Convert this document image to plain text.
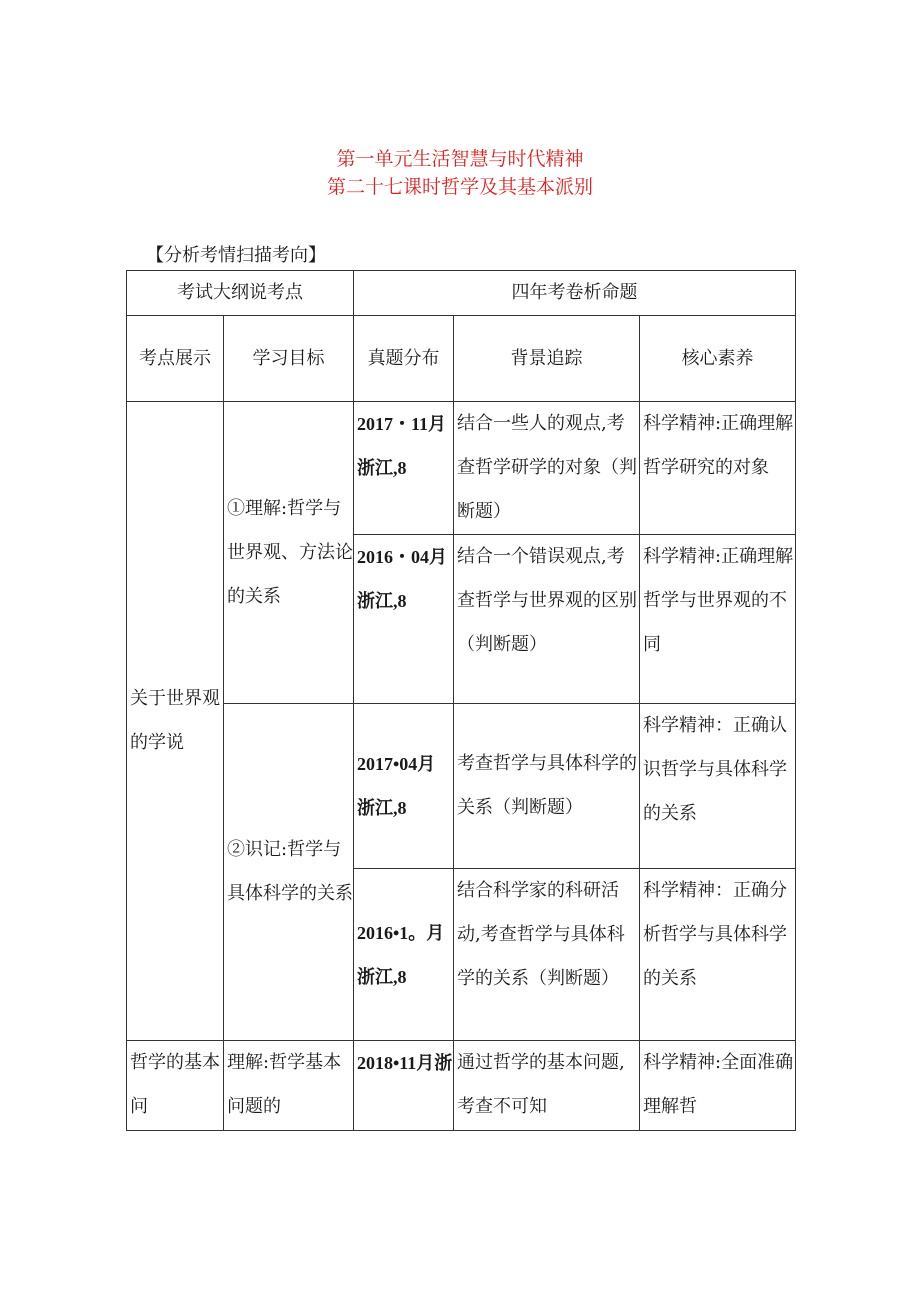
第一单元生活智慧与时代精神
第二十七课时哲学及其基本派别
【分析考情扫描考向】
考试大纲说考点		四年考卷析命题		

考点展示	学习目标	真题分布	背景追踪	核心素养

关于世界观的学说	①理解:哲学与世界观、方法论的关系	2017・11月浙江,8	结合一些人的观点,考查哲学研学的对象（判断题）	科学精神:正确理解哲学研究的对象

		2016・04月浙江,8	结合一个错误观点,考查哲学与世界观的区别（判断题）	科学精神:正确理解哲学与世界观的不同

	②识记:哲学与具体科学的关系	2017•04月浙江,8	考查哲学与具体科学的关系（判断题）	科学精神：正确认识哲学与具体科学的关系

		2016•1。月浙江,8	结合科学家的科研活动,考查哲学与具体科学的关系（判断题）	科学精神：正确分析哲学与具体科学的关系

哲学的基本问	理解:哲学基本问题的	2018•11月浙	通过哲学的基本问题,考查不可知	科学精神:全面准确理解哲
